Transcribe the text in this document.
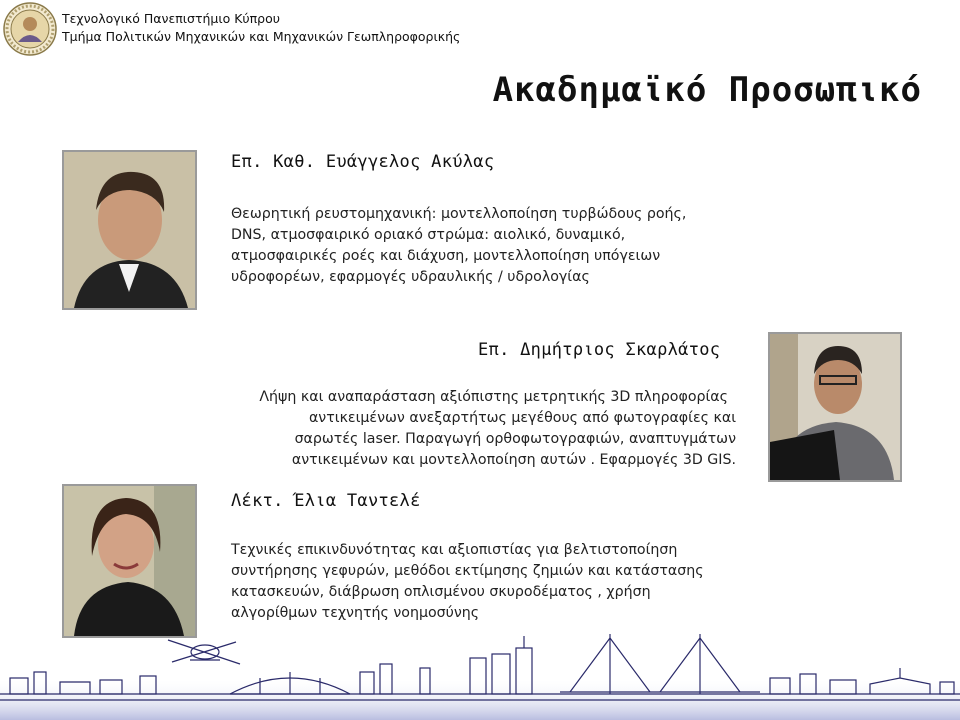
Τεχνολογικό Πανεπιστήμιο Κύπρου
Τμήμα Πολιτικών Μηχανικών και Μηχανικών Γεωπληροφορικής
Ακαδημαϊκό Προσωπικό
Επ. Καθ. Ευάγγελος Ακύλας
Θεωρητική ρευστομηχανική: μοντελλοποίηση τυρβώδους ροής,
DNS, ατμοσφαιρικό οριακό στρώμα: αιολικό, δυναμικό,
ατμοσφαιρικές ροές και διάχυση, μοντελλοποίηση υπόγειων
υδροφορέων, εφαρμογές υδραυλικής / υδρολογίας
Επ. Δημήτριος Σκαρλάτος
Λήψη και αναπαράσταση αξιόπιστης μετρητικής 3D πληροφορίας
αντικειμένων ανεξαρτήτως μεγέθους από φωτογραφίες και
σαρωτές laser. Παραγωγή ορθοφωτογραφιών, αναπτυγμάτων
αντικειμένων και μοντελλοποίηση αυτών . Εφαρμογές 3D GIS.
Λέκτ. Έλια Ταντελέ
Τεχνικές επικινδυνότητας και αξιοπιστίας για βελτιστοποίηση
συντήρησης γεφυρών, μεθόδοι εκτίμησης ζημιών και κατάστασης
κατασκευών, διάβρωση οπλισμένου σκυροδέματος , χρήση
αλγορίθμων τεχνητής νοημοσύνης
